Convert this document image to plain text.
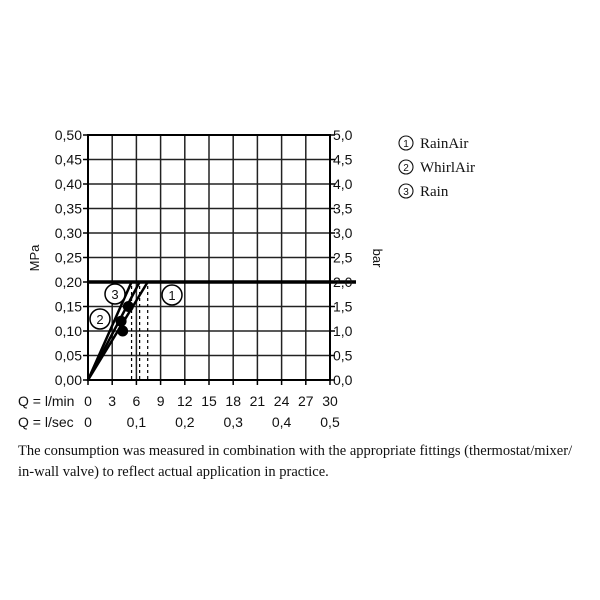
1
2
3
0,00
0,05
0,10
0,15
0,20
0,25
0,30
0,35
0,40
0,45
0,50
0,0
0,5
1,0
1,5
2,0
2,5
3,0
3,5
4,0
4,5
5,0
0 3 6 9 12 15 18 21 24 27 30
0 0,1 0,2 0,3 0,4 0,5
MPa	bar
Q = l/min
Q = l/sec
1 RainAir
2 WhirlAir
3 Rain

The consumption was measured in combination with the appropriate fittings (thermostat/mixer/ in-wall valve) to reflect actual application in practice.
